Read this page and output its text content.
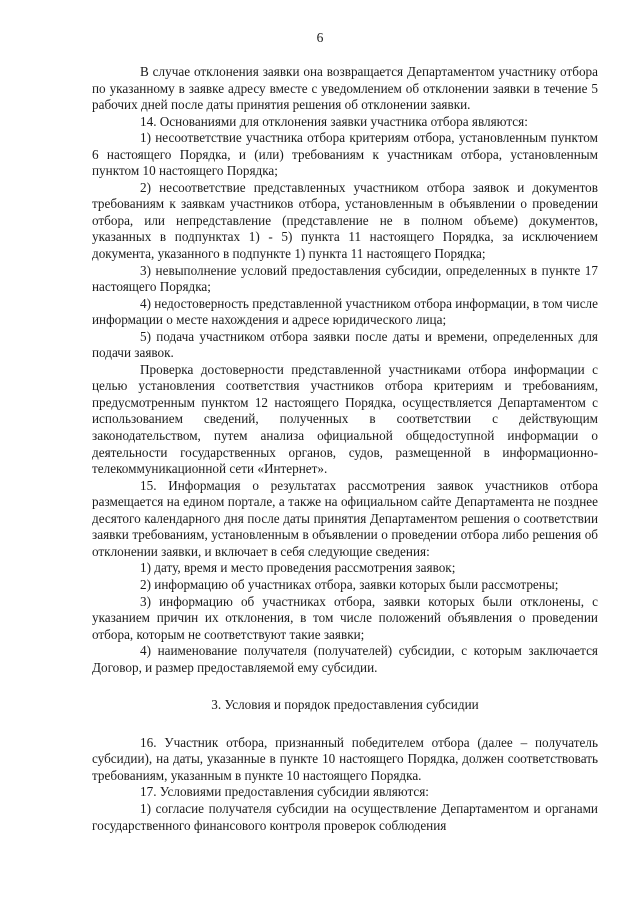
6

В случае отклонения заявки она возвращается Департаментом участнику отбора по указанному в заявке адресу вместе с уведомлением об отклонении заявки в течение 5 рабочих дней после даты принятия решения об отклонении заявки.

14. Основаниями для отклонения заявки участника отбора являются:

1) несоответствие участника отбора критериям отбора, установленным пунктом 6 настоящего Порядка, и (или) требованиям к участникам отбора, установленным пунктом 10 настоящего Порядка;

2) несоответствие представленных участником отбора заявок и документов требованиям к заявкам участников отбора, установленным в объявлении о проведении отбора, или непредставление (представление не в полном объеме) документов, указанных в подпунктах 1) - 5) пункта 11 настоящего Порядка, за исключением документа, указанного в подпункте 1) пункта 11 настоящего Порядка;

3) невыполнение условий предоставления субсидии, определенных в пункте 17 настоящего Порядка;

4) недостоверность представленной участником отбора информации, в том числе информации о месте нахождения и адресе юридического лица;

5) подача участником отбора заявки после даты и времени, определенных для подачи заявок.

Проверка достоверности представленной участниками отбора информации с целью установления соответствия участников отбора критериям и требованиям, предусмотренным пунктом 12 настоящего Порядка, осуществляется Департаментом с использованием сведений, полученных в соответствии с действующим законодательством, путем анализа официальной общедоступной информации о деятельности государственных органов, судов, размещенной в информационно-телекоммуникационной сети «Интернет».

15. Информация о результатах рассмотрения заявок участников отбора размещается на едином портале, а также на официальном сайте Департамента не позднее десятого календарного дня после даты принятия Департаментом решения о соответствии заявки требованиям, установленным в объявлении о проведении отбора либо решения об отклонении заявки, и включает в себя следующие сведения:

1) дату, время и место проведения рассмотрения заявок;

2) информацию об участниках отбора, заявки которых были рассмотрены;

3) информацию об участниках отбора, заявки которых были отклонены, с указанием причин их отклонения, в том числе положений объявления о проведении отбора, которым не соответствуют такие заявки;

4) наименование получателя (получателей) субсидии, с которым заключается Договор, и размер предоставляемой ему субсидии.

3. Условия и порядок предоставления субсидии

16. Участник отбора, признанный победителем отбора (далее – получатель субсидии), на даты, указанные в пункте 10 настоящего Порядка, должен соответствовать требованиям, указанным в пункте 10 настоящего Порядка.

17. Условиями предоставления субсидии являются:

1) согласие получателя субсидии на осуществление Департаментом и органами государственного финансового контроля проверок соблюдения
